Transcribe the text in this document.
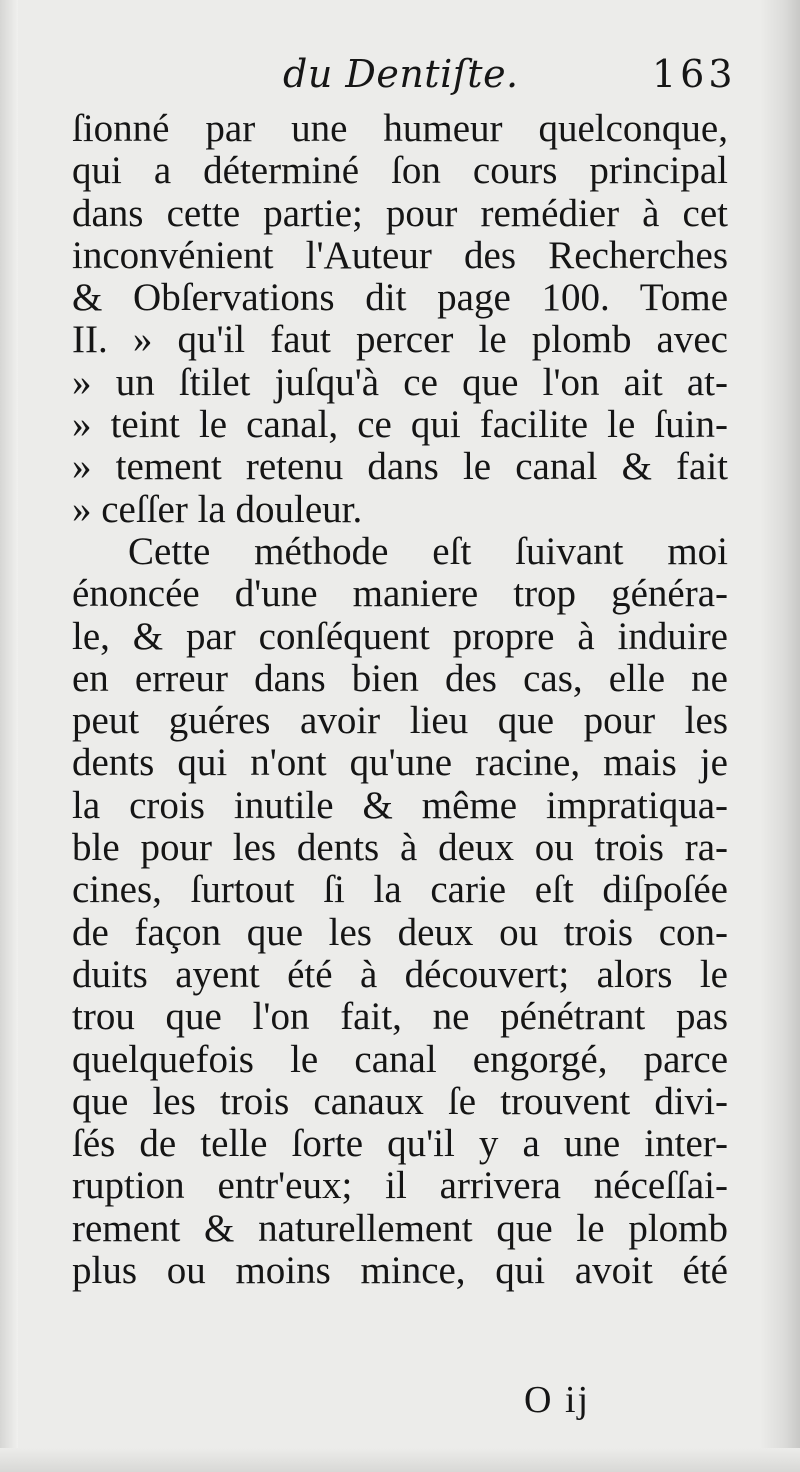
du Dentiſte.	163
ſionné par une humeur quelconque,
qui a déterminé ſon cours principal
dans cette partie; pour remédier à cet
inconvénient l'Auteur des Recherches
& Obſervations dit page 100. Tome
II. » qu'il faut percer le plomb avec
» un ſtilet juſqu'à ce que l'on ait at-
» teint le canal, ce qui facilite le ſuin-
» tement retenu dans le canal & fait
» ceſſer la douleur.
Cette méthode eſt ſuivant moi
énoncée d'une maniere trop généra-
le, & par conſéquent propre à induire
en erreur dans bien des cas, elle ne
peut guéres avoir lieu que pour les
dents qui n'ont qu'une racine, mais je
la crois inutile & même impratiqua-
ble pour les dents à deux ou trois ra-
cines, ſurtout ſi la carie eſt diſpoſée
de façon que les deux ou trois con-
duits ayent été à découvert; alors le
trou que l'on fait, ne pénétrant pas
quelquefois le canal engorgé, parce
que les trois canaux ſe trouvent divi-
ſés de telle ſorte qu'il y a une inter-
ruption entr'eux; il arrivera néceſſai-
rement & naturellement que le plomb
plus ou moins mince, qui avoit été
O ij
